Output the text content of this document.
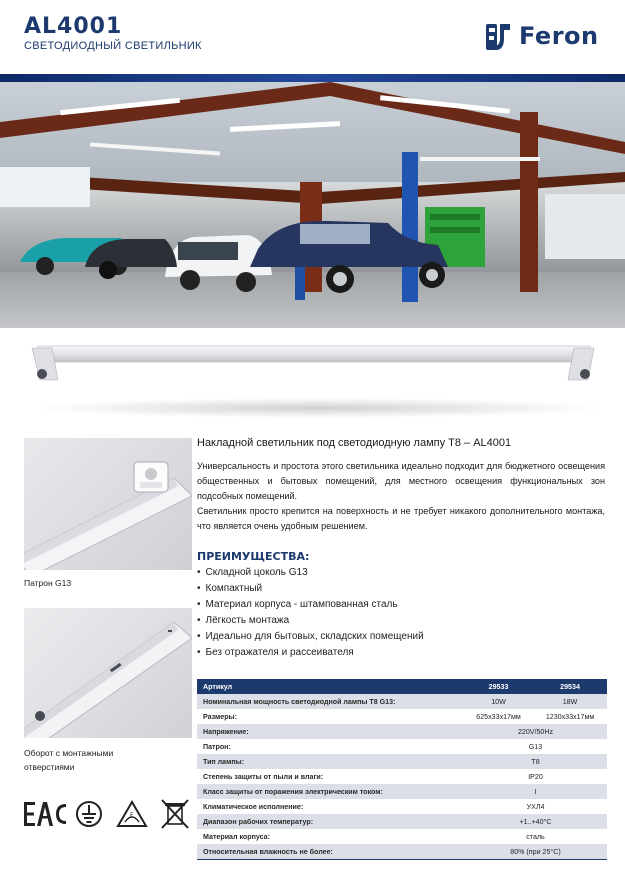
AL4001
СВЕТОДИОДНЫЙ СВЕТИЛЬНИК	Feron
Патрон G13
Оборот с монтажными отверстиями
F
Накладной светильник под светодиодную лампу Т8 – AL4001

Универсальность и простота этого светильника идеально подходит для бюджетного освещения общественных и бытовых помещений, для местного освещения функциональных зон подсобных помещений.

Светильник просто крепится на поверхность и не требует никакого дополнительного монтажа, что является очень удобным решением.

ПРЕИМУЩЕСТВА:
• Складной цоколь G13
• Компактный
• Материал корпуса - штампованная сталь
• Лёгкость монтажа
• Идеально для бытовых, складских помещений
• Без отражателя и рассеивателя
Артикул	29533	29534
Номинальная мощность светодиодной лампы Т8 G13:	10W	18W
Размеры:	625x33x17мм	1230x33x17мм
Напряжение:	220V/50Hz	
Патрон:	G13	
Тип лампы:	T8	
Степень защиты от пыли и влаги:	IP20	
Класс защиты от поражения электрическим током:	I	
Климатическое исполнение:	УХЛ4	
Диапазон рабочих температур:	+1..+40°C	
Материал корпуса:	сталь	
Относительная влажность не более:	80% (при 25°C)	
